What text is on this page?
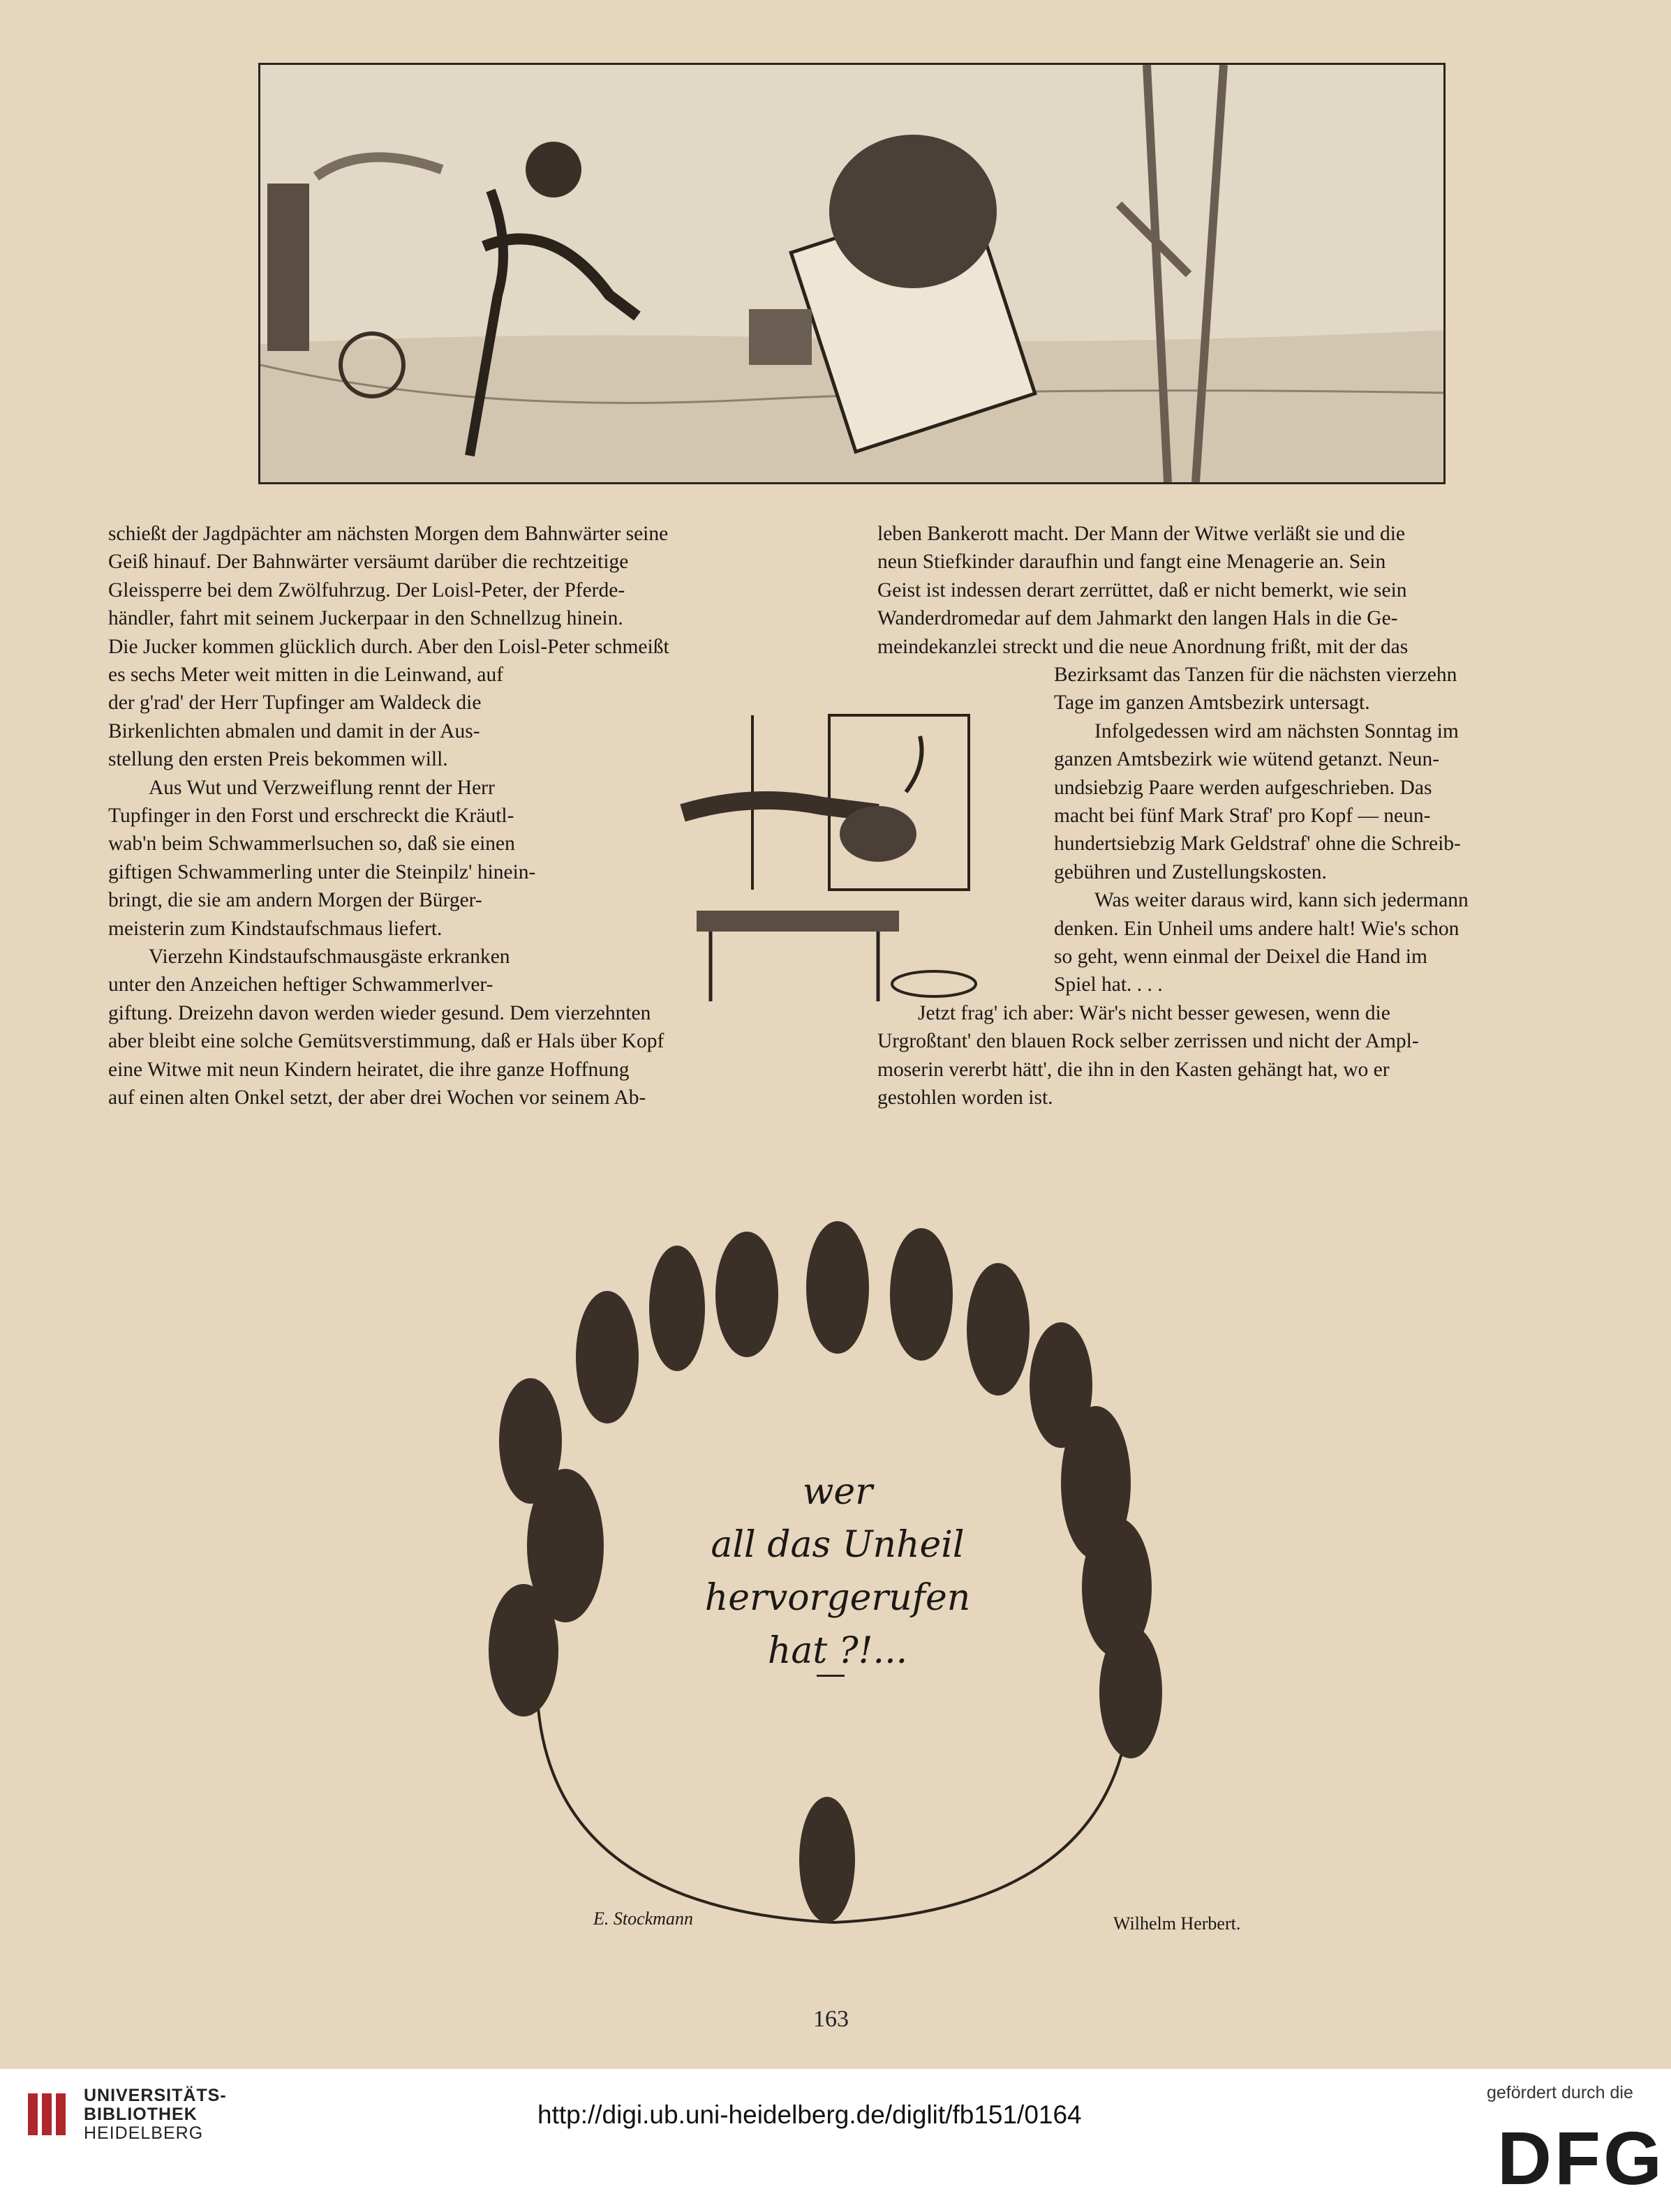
schießt der Jagdpächter am nächsten Morgen dem Bahnwärter seine

Geiß hinauf. Der Bahnwärter versäumt darüber die rechtzeitige

Gleissperre bei dem Zwölfuhrzug. Der Loisl-Peter, der Pferde-

händler, fahrt mit seinem Juckerpaar in den Schnellzug hinein.

Die Jucker kommen glücklich durch. Aber den Loisl-Peter schmeißt

es sechs Meter weit mitten in die Leinwand, auf

der g'rad' der Herr Tupfinger am Waldeck die

Birkenlichten abmalen und damit in der Aus-

stellung den ersten Preis bekommen will.

Aus Wut und Verzweiflung rennt der Herr

Tupfinger in den Forst und erschreckt die Kräutl-

wab'n beim Schwammerlsuchen so, daß sie einen

giftigen Schwammerling unter die Steinpilz' hinein-

bringt, die sie am andern Morgen der Bürger-

meisterin zum Kindstaufschmaus liefert.

Vierzehn Kindstaufschmausgäste erkranken

unter den Anzeichen heftiger Schwammerlver-

giftung. Dreizehn davon werden wieder gesund. Dem vierzehnten

aber bleibt eine solche Gemütsverstimmung, daß er Hals über Kopf

eine Witwe mit neun Kindern heiratet, die ihre ganze Hoffnung

auf einen alten Onkel setzt, der aber drei Wochen vor seinem Ab-

leben Bankerott macht. Der Mann der Witwe verläßt sie und die

neun Stiefkinder daraufhin und fangt eine Menagerie an. Sein

Geist ist indessen derart zerrüttet, daß er nicht bemerkt, wie sein

Wanderdromedar auf dem Jahmarkt den langen Hals in die Ge-

meindekanzlei streckt und die neue Anordnung frißt, mit der das

Bezirksamt das Tanzen für die nächsten vierzehn

Tage im ganzen Amtsbezirk untersagt.

Infolgedessen wird am nächsten Sonntag im

ganzen Amtsbezirk wie wütend getanzt. Neun-

undsiebzig Paare werden aufgeschrieben. Das

macht bei fünf Mark Straf' pro Kopf — neun-

hundertsiebzig Mark Geldstraf' ohne die Schreib-

gebühren und Zustellungskosten.

Was weiter daraus wird, kann sich jedermann

denken. Ein Unheil ums andere halt! Wie's schon

so geht, wenn einmal der Deixel die Hand im

Spiel hat. . . .

Jetzt frag' ich aber: Wär's nicht besser gewesen, wenn die

Urgroßtant' den blauen Rock selber zerrissen und nicht der Ampl-

moserin vererbt hätt', die ihn in den Kasten gehängt hat, wo er

gestohlen worden ist.

wer
all das Unheil
hervorgerufen
hat ?!...
E. Stockmann	Wilhelm Herbert.
163
UNIVERSITÄTS-
BIBLIOTHEK
HEIDELBERG
http://digi.ub.uni-heidelberg.de/diglit/fb151/0164
gefördert durch die
DFG
